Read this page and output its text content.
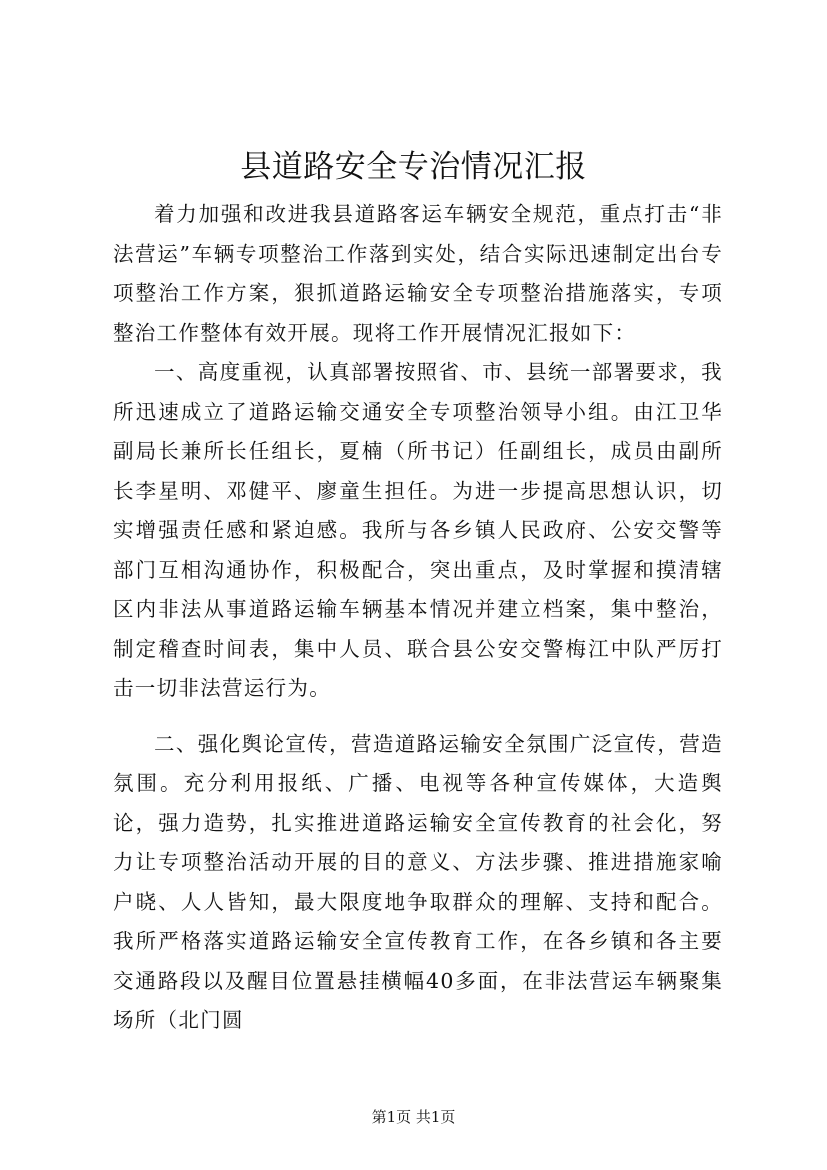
县道路安全专治情况汇报

着力加强和改进我县道路客运车辆安全规范，重点打击“非法营运”车辆专项整治工作落到实处，结合实际迅速制定出台专项整治工作方案，狠抓道路运输安全专项整治措施落实，专项整治工作整体有效开展。现将工作开展情况汇报如下：

一、高度重视，认真部署按照省、市、县统一部署要求，我所迅速成立了道路运输交通安全专项整治领导小组。由江卫华副局长兼所长任组长，夏楠（所书记）任副组长，成员由副所长李星明、邓健平、廖童生担任。为进一步提高思想认识，切实增强责任感和紧迫感。我所与各乡镇人民政府、公安交警等部门互相沟通协作，积极配合，突出重点，及时掌握和摸清辖区内非法从事道路运输车辆基本情况并建立档案，集中整治，制定稽查时间表，集中人员、联合县公安交警梅江中队严厉打击一切非法营运行为。

二、强化舆论宣传，营造道路运输安全氛围广泛宣传，营造氛围。充分利用报纸、广播、电视等各种宣传媒体，大造舆论，强力造势，扎实推进道路运输安全宣传教育的社会化，努力让专项整治活动开展的目的意义、方法步骤、推进措施家喻户晓、人人皆知，最大限度地争取群众的理解、支持和配合。我所严格落实道路运输安全宣传教育工作，在各乡镇和各主要交通路段以及醒目位置悬挂横幅40多面，在非法营运车辆聚集场所（北门圆

第1页 共1页
